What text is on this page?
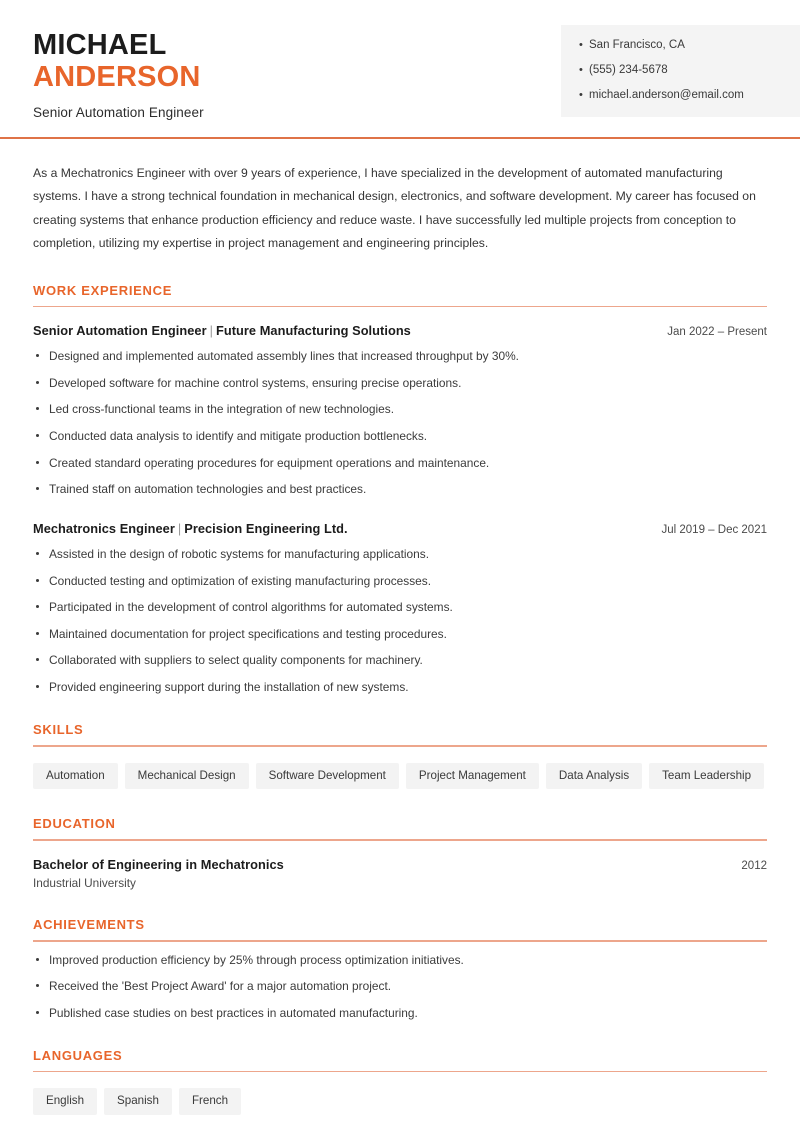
MICHAEL
ANDERSON
Senior Automation Engineer
• San Francisco, CA
• (555) 234-5678
• michael.anderson@email.com

As a Mechatronics Engineer with over 9 years of experience, I have specialized in the development of automated manufacturing systems. I have a strong technical foundation in mechanical design, electronics, and software development. My career has focused on creating systems that enhance production efficiency and reduce waste. I have successfully led multiple projects from conception to completion, utilizing my expertise in project management and engineering principles.

WORK EXPERIENCE
Senior Automation Engineer | Future Manufacturing Solutions	Jan 2022 – Present
Designed and implemented automated assembly lines that increased throughput by 30%.
Developed software for machine control systems, ensuring precise operations.
Led cross-functional teams in the integration of new technologies.
Conducted data analysis to identify and mitigate production bottlenecks.
Created standard operating procedures for equipment operations and maintenance.
Trained staff on automation technologies and best practices.
Mechatronics Engineer | Precision Engineering Ltd.	Jul 2019 – Dec 2021
Assisted in the design of robotic systems for manufacturing applications.
Conducted testing and optimization of existing manufacturing processes.
Participated in the development of control algorithms for automated systems.
Maintained documentation for project specifications and testing procedures.
Collaborated with suppliers to select quality components for machinery.
Provided engineering support during the installation of new systems.
SKILLS
Automation	Mechanical Design	Software Development	Project Management	Data Analysis	Team Leadership
EDUCATION
Bachelor of Engineering in Mechatronics	2012
Industrial University
ACHIEVEMENTS
Improved production efficiency by 25% through process optimization initiatives.
Received the 'Best Project Award' for a major automation project.
Published case studies on best practices in automated manufacturing.
LANGUAGES
English	Spanish	French
